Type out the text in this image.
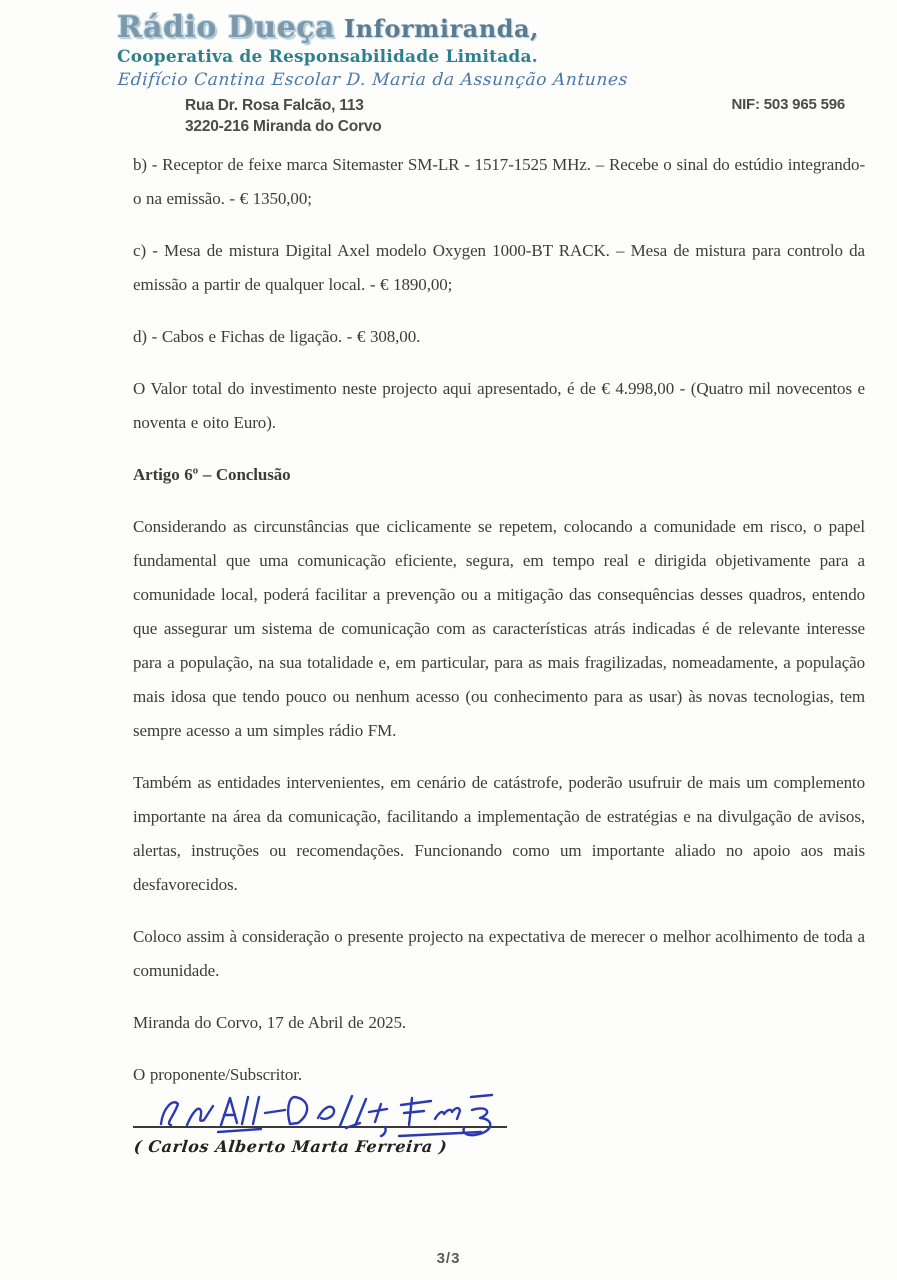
Rádio Dueça Informiranda,
Cooperativa de Responsabilidade Limitada.
Edifício Cantina Escolar D. Maria da Assunção Antunes
Rua Dr. Rosa Falcão, 113
3220-216 Miranda do Corvo
NIF: 503 965 596

b) - Receptor de feixe marca Sitemaster SM-LR - 1517-1525 MHz. – Recebe o sinal do estúdio integrando-o na emissão. - € 1350,00;

c) - Mesa de mistura Digital Axel modelo Oxygen 1000-BT RACK. – Mesa de mistura para controlo da emissão a partir de qualquer local. - € 1890,00;

d) - Cabos e Fichas de ligação. - € 308,00.

O Valor total do investimento neste projecto aqui apresentado, é de € 4.998,00 - (Quatro mil novecentos e noventa e oito Euro).

Artigo 6º – Conclusão

Considerando as circunstâncias que ciclicamente se repetem, colocando a comunidade em risco, o papel fundamental que uma comunicação eficiente, segura, em tempo real e dirigida objetivamente para a comunidade local, poderá facilitar a prevenção ou a mitigação das consequências desses quadros, entendo que assegurar um sistema de comunicação com as características atrás indicadas é de relevante interesse para a população, na sua totalidade e, em particular, para as mais fragilizadas, nomeadamente, a população mais idosa que tendo pouco ou nenhum acesso (ou conhecimento para as usar) às novas tecnologias, tem sempre acesso a um simples rádio FM.

Também as entidades intervenientes, em cenário de catástrofe, poderão usufruir de mais um complemento importante na área da comunicação, facilitando a implementação de estratégias e na divulgação de avisos, alertas, instruções ou recomendações. Funcionando como um importante aliado no apoio aos mais desfavorecidos.

Coloco assim à consideração o presente projecto na expectativa de merecer o melhor acolhimento de toda a comunidade.

Miranda do Corvo, 17 de Abril de 2025.

O proponente/Subscritor.

( Carlos Alberto Marta Ferreira )
3/3
